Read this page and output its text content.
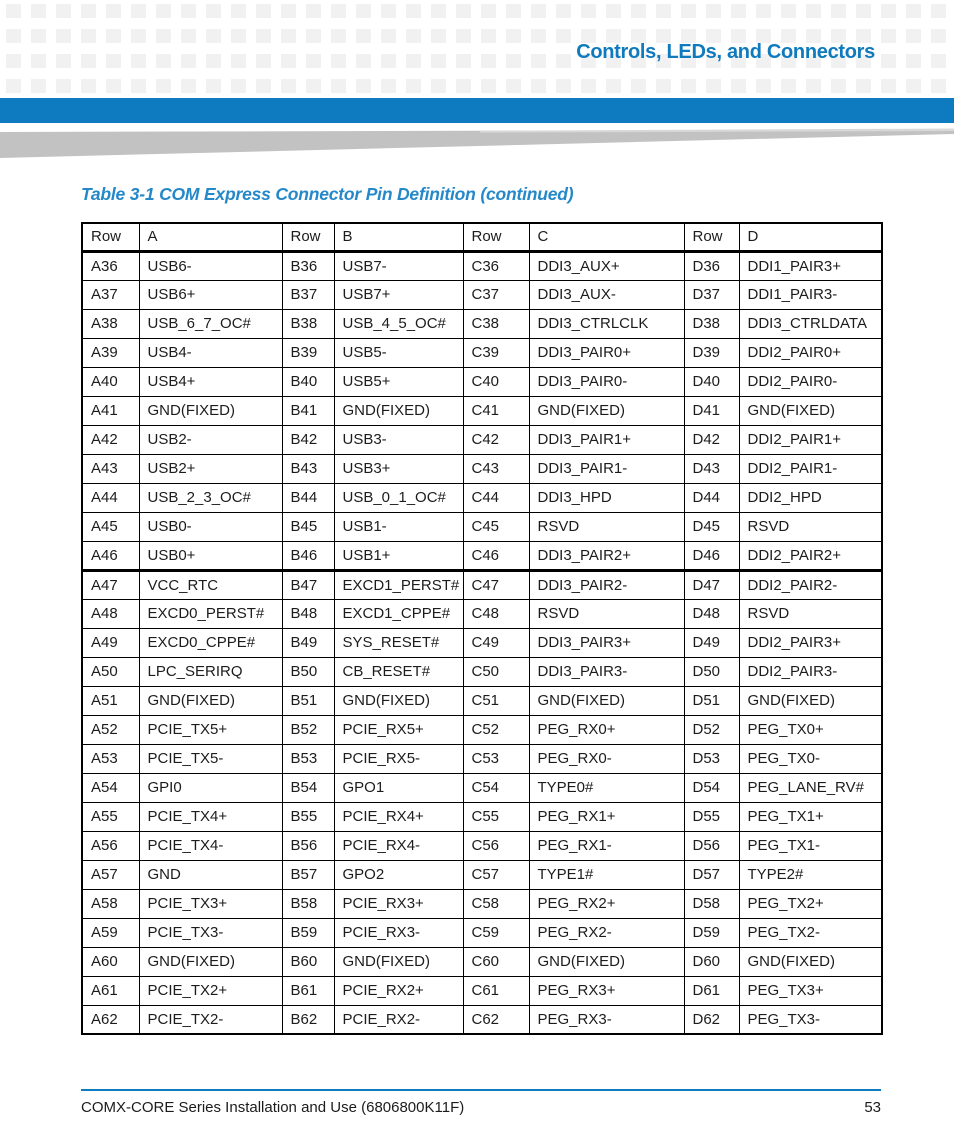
Controls, LEDs, and Connectors
Table 3-1 COM Express Connector Pin Definition (continued)
Row	A	Row	B	Row	C	Row	D
A36	USB6-	B36	USB7-	C36	DDI3_AUX+	D36	DDI1_PAIR3+
A37	USB6+	B37	USB7+	C37	DDI3_AUX-	D37	DDI1_PAIR3-
A38	USB_6_7_OC#	B38	USB_4_5_OC#	C38	DDI3_CTRLCLK	D38	DDI3_CTRLDATA
A39	USB4-	B39	USB5-	C39	DDI3_PAIR0+	D39	DDI2_PAIR0+
A40	USB4+	B40	USB5+	C40	DDI3_PAIR0-	D40	DDI2_PAIR0-
A41	GND(FIXED)	B41	GND(FIXED)	C41	GND(FIXED)	D41	GND(FIXED)
A42	USB2-	B42	USB3-	C42	DDI3_PAIR1+	D42	DDI2_PAIR1+
A43	USB2+	B43	USB3+	C43	DDI3_PAIR1-	D43	DDI2_PAIR1-
A44	USB_2_3_OC#	B44	USB_0_1_OC#	C44	DDI3_HPD	D44	DDI2_HPD
A45	USB0-	B45	USB1-	C45	RSVD	D45	RSVD
A46	USB0+	B46	USB1+	C46	DDI3_PAIR2+	D46	DDI2_PAIR2+
A47	VCC_RTC	B47	EXCD1_PERST#	C47	DDI3_PAIR2-	D47	DDI2_PAIR2-
A48	EXCD0_PERST#	B48	EXCD1_CPPE#	C48	RSVD	D48	RSVD
A49	EXCD0_CPPE#	B49	SYS_RESET#	C49	DDI3_PAIR3+	D49	DDI2_PAIR3+
A50	LPC_SERIRQ	B50	CB_RESET#	C50	DDI3_PAIR3-	D50	DDI2_PAIR3-
A51	GND(FIXED)	B51	GND(FIXED)	C51	GND(FIXED)	D51	GND(FIXED)
A52	PCIE_TX5+	B52	PCIE_RX5+	C52	PEG_RX0+	D52	PEG_TX0+
A53	PCIE_TX5-	B53	PCIE_RX5-	C53	PEG_RX0-	D53	PEG_TX0-
A54	GPI0	B54	GPO1	C54	TYPE0#	D54	PEG_LANE_RV#
A55	PCIE_TX4+	B55	PCIE_RX4+	C55	PEG_RX1+	D55	PEG_TX1+
A56	PCIE_TX4-	B56	PCIE_RX4-	C56	PEG_RX1-	D56	PEG_TX1-
A57	GND	B57	GPO2	C57	TYPE1#	D57	TYPE2#
A58	PCIE_TX3+	B58	PCIE_RX3+	C58	PEG_RX2+	D58	PEG_TX2+
A59	PCIE_TX3-	B59	PCIE_RX3-	C59	PEG_RX2-	D59	PEG_TX2-
A60	GND(FIXED)	B60	GND(FIXED)	C60	GND(FIXED)	D60	GND(FIXED)
A61	PCIE_TX2+	B61	PCIE_RX2+	C61	PEG_RX3+	D61	PEG_TX3+
A62	PCIE_TX2-	B62	PCIE_RX2-	C62	PEG_RX3-	D62	PEG_TX3-
COMX-CORE Series Installation and Use (6806800K11F)	53
